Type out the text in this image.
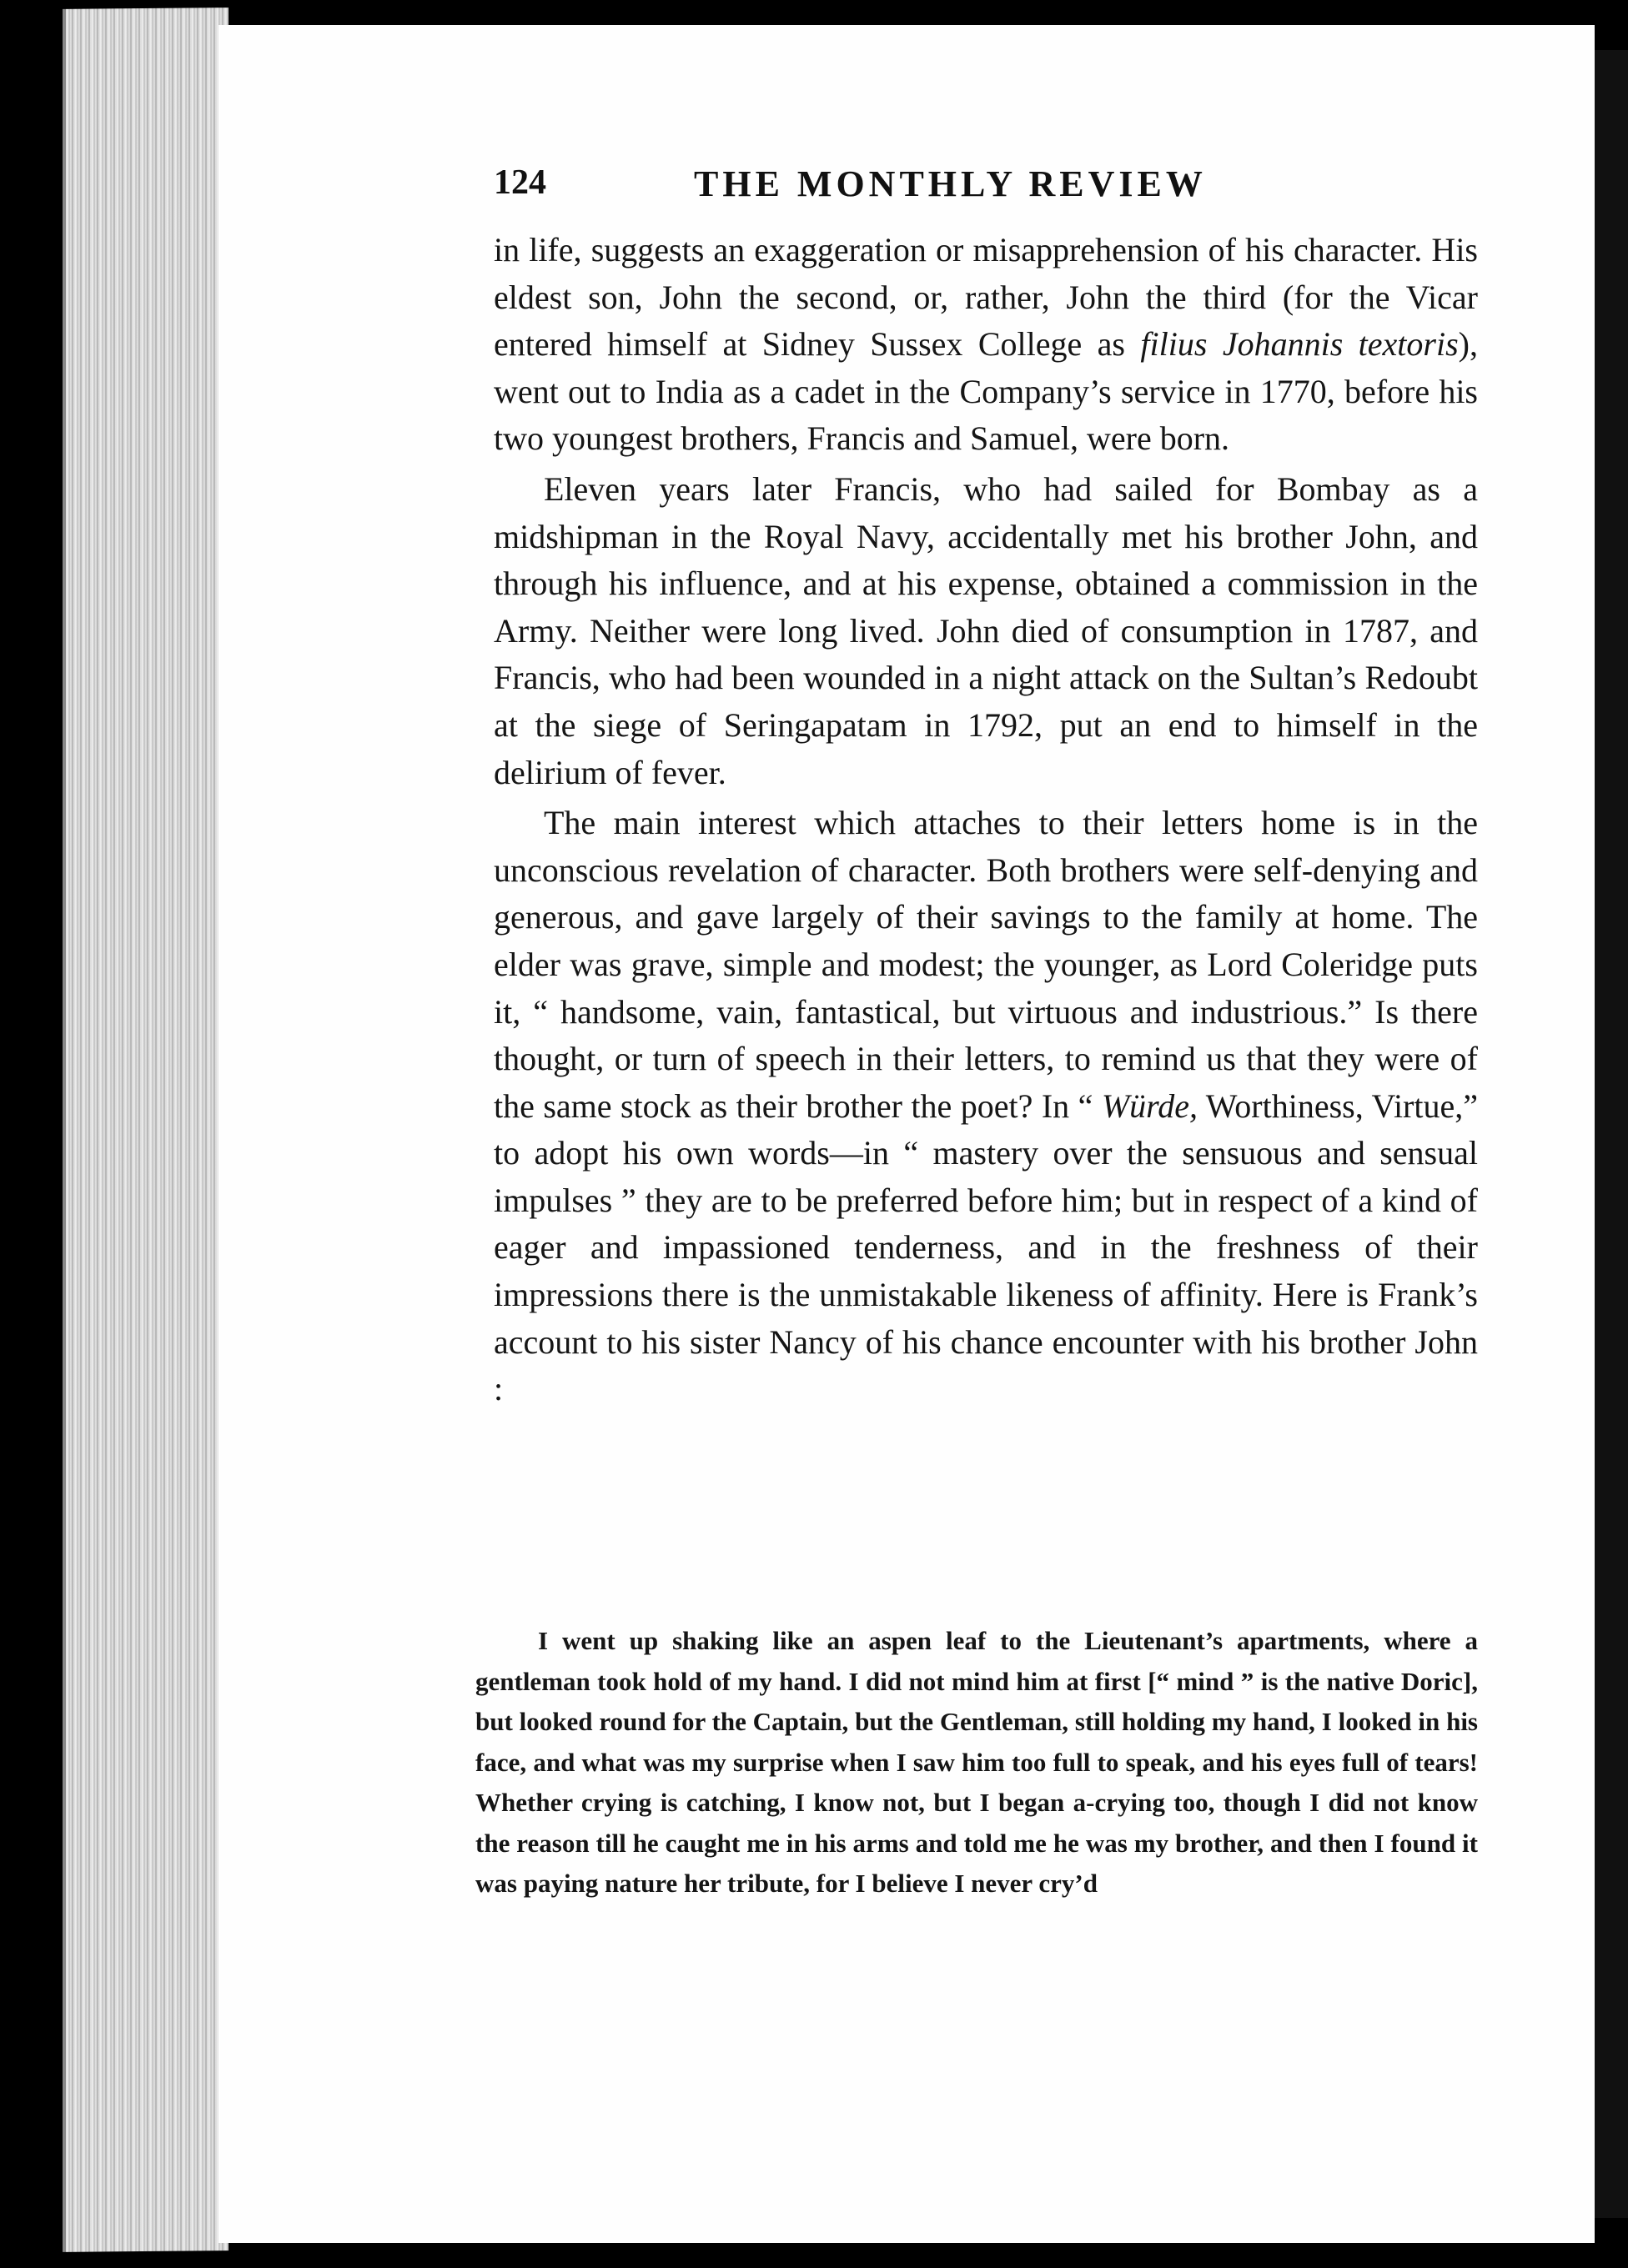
124	THE MONTHLY REVIEW

in life, suggests an exaggeration or misapprehension of his character. His eldest son, John the second, or, rather, John the third (for the Vicar entered himself at Sidney Sussex College as filius Johannis textoris), went out to India as a cadet in the Company’s service in 1770, before his two youngest brothers, Francis and Samuel, were born.

Eleven years later Francis, who had sailed for Bombay as a midshipman in the Royal Navy, accidentally met his brother John, and through his influence, and at his expense, obtained a commission in the Army. Neither were long lived. John died of consumption in 1787, and Francis, who had been wounded in a night attack on the Sultan’s Redoubt at the siege of Seringapatam in 1792, put an end to himself in the delirium of fever.

The main interest which attaches to their letters home is in the unconscious revelation of character. Both brothers were self-denying and generous, and gave largely of their savings to the family at home. The elder was grave, simple and modest; the younger, as Lord Coleridge puts it, “ handsome, vain, fantastical, but virtuous and industrious.” Is there thought, or turn of speech in their letters, to remind us that they were of the same stock as their brother the poet? In “ Würde, Worthiness, Virtue,” to adopt his own words—in “ mastery over the sensuous and sensual impulses ” they are to be preferred before him; but in respect of a kind of eager and impassioned tenderness, and in the freshness of their impressions there is the unmistakable likeness of affinity. Here is Frank’s account to his sister Nancy of his chance encounter with his brother John :

I went up shaking like an aspen leaf to the Lieutenant’s apartments, where a gentleman took hold of my hand. I did not mind him at first [“ mind ” is the native Doric], but looked round for the Captain, but the Gentleman, still holding my hand, I looked in his face, and what was my surprise when I saw him too full to speak, and his eyes full of tears! Whether crying is catching, I know not, but I began a-crying too, though I did not know the reason till he caught me in his arms and told me he was my brother, and then I found it was paying nature her tribute, for I believe I never cry’d
